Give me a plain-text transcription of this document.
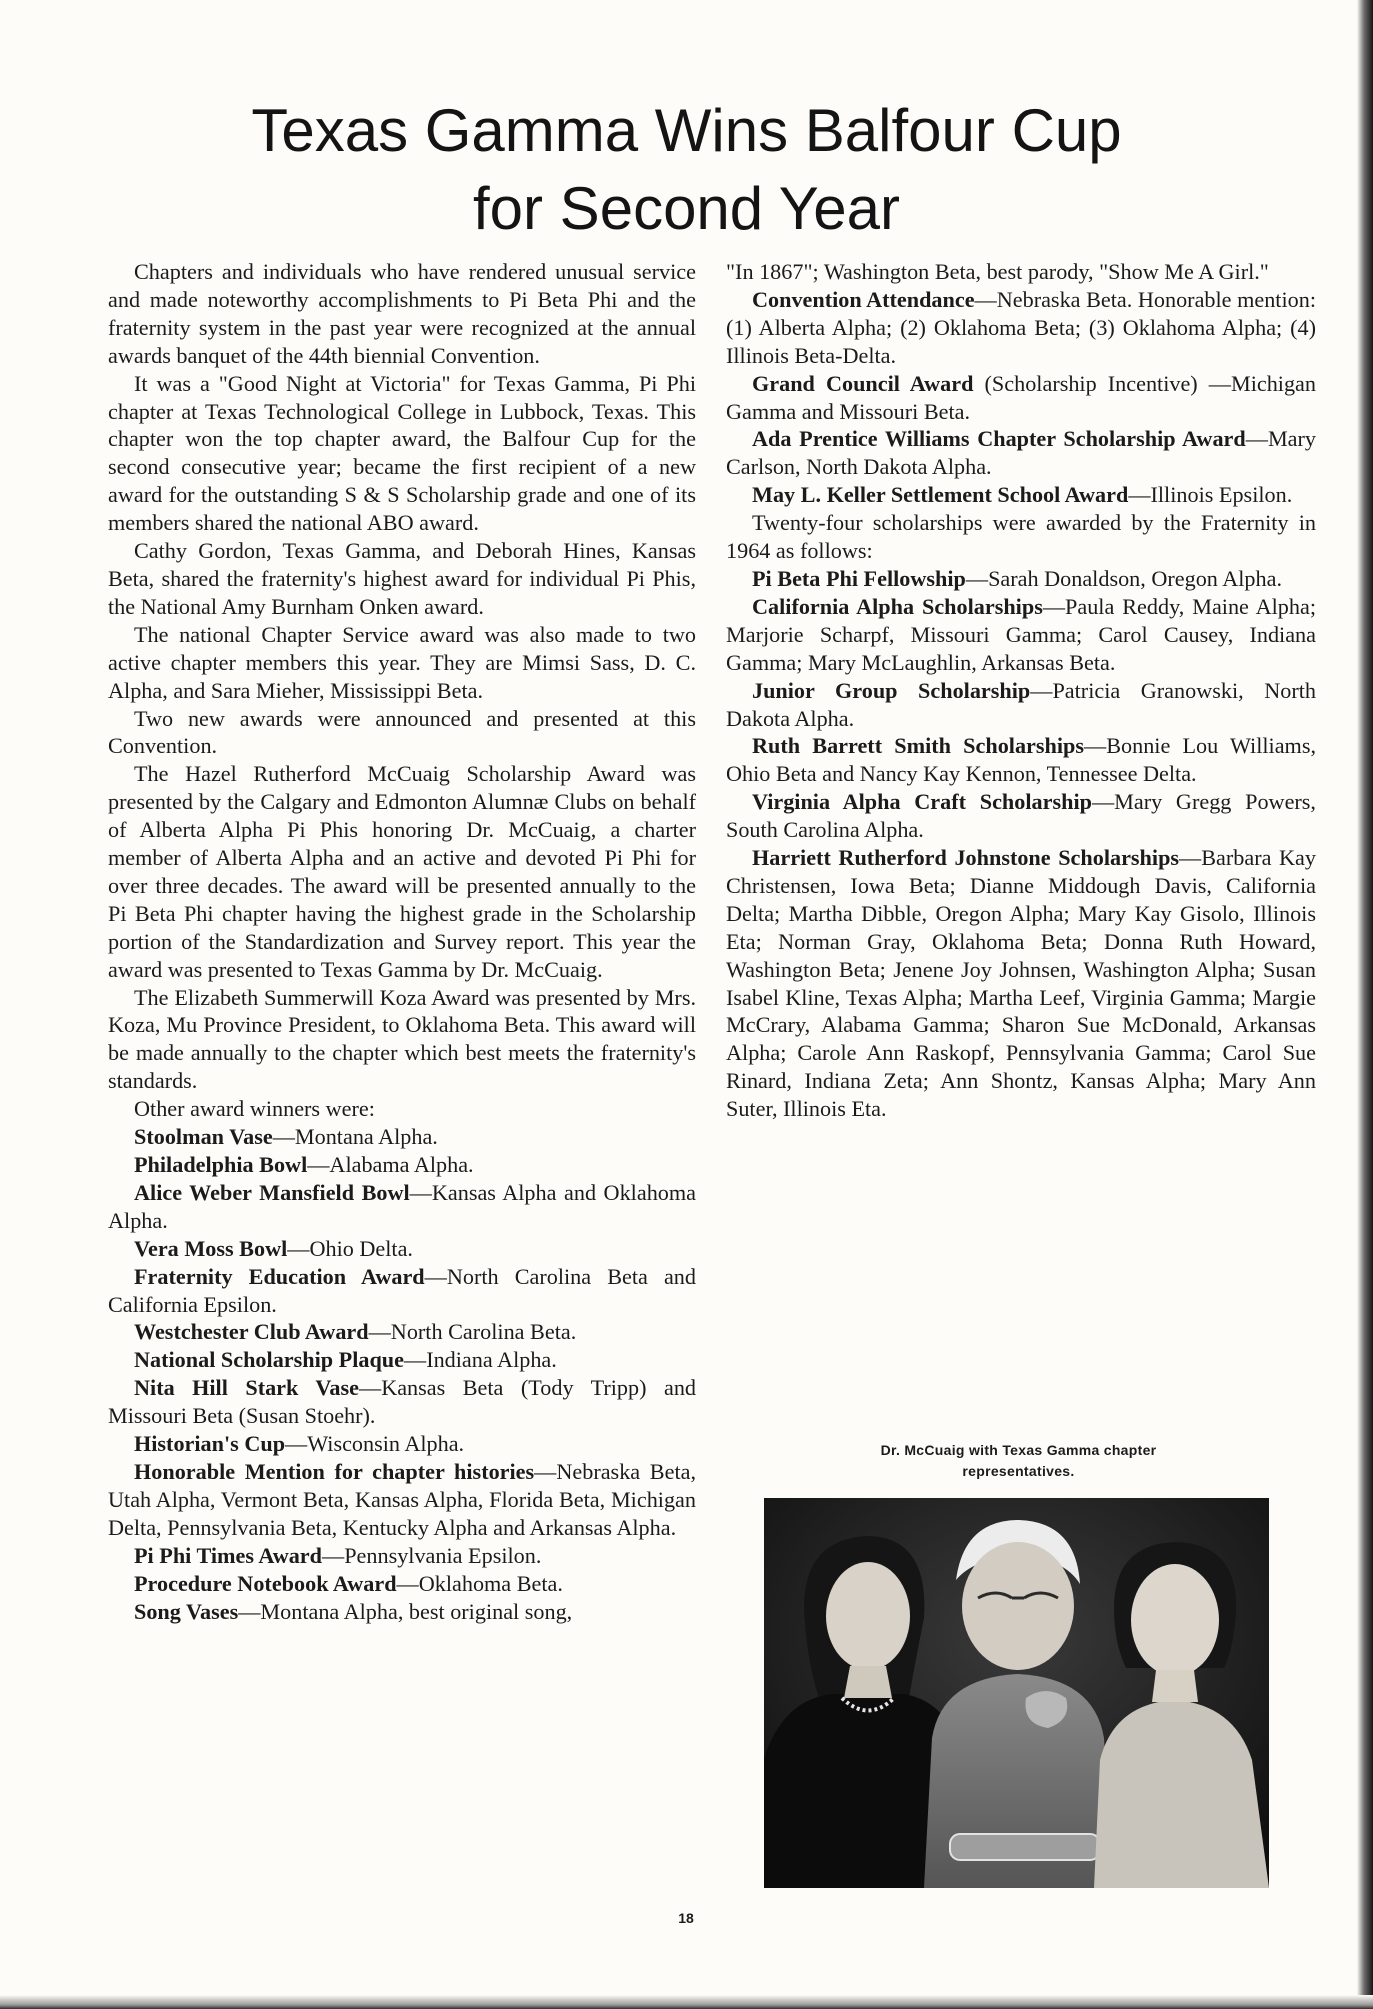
Texas Gamma Wins Balfour Cup
for Second Year

Chapters and individuals who have rendered unusual service and made noteworthy accomplishments to Pi Beta Phi and the fraternity system in the past year were recognized at the annual awards banquet of the 44th biennial Convention.

It was a "Good Night at Victoria" for Texas Gamma, Pi Phi chapter at Texas Technological College in Lubbock, Texas. This chapter won the top chapter award, the Balfour Cup for the second consecutive year; became the first recipient of a new award for the outstanding S & S Scholarship grade and one of its members shared the national ABO award.

Cathy Gordon, Texas Gamma, and Deborah Hines, Kansas Beta, shared the fraternity's highest award for individual Pi Phis, the National Amy Burnham Onken award.

The national Chapter Service award was also made to two active chapter members this year. They are Mimsi Sass, D. C. Alpha, and Sara Mieher, Mississippi Beta.

Two new awards were announced and presented at this Convention.

The Hazel Rutherford McCuaig Scholarship Award was presented by the Calgary and Edmonton Alumnæ Clubs on behalf of Alberta Alpha Pi Phis honoring Dr. McCuaig, a charter member of Alberta Alpha and an active and devoted Pi Phi for over three decades. The award will be presented annually to the Pi Beta Phi chapter having the highest grade in the Scholarship portion of the Standardization and Survey report. This year the award was presented to Texas Gamma by Dr. McCuaig.

The Elizabeth Summerwill Koza Award was presented by Mrs. Koza, Mu Province President, to Oklahoma Beta. This award will be made annually to the chapter which best meets the fraternity's standards.

Other award winners were:

Stoolman Vase—Montana Alpha.

Philadelphia Bowl—Alabama Alpha.

Alice Weber Mansfield Bowl—Kansas Alpha and Oklahoma Alpha.

Vera Moss Bowl—Ohio Delta.

Fraternity Education Award—North Carolina Beta and California Epsilon.

Westchester Club Award—North Carolina Beta.

National Scholarship Plaque—Indiana Alpha.

Nita Hill Stark Vase—Kansas Beta (Tody Tripp) and Missouri Beta (Susan Stoehr).

Historian's Cup—Wisconsin Alpha.

Honorable Mention for chapter histories—Nebraska Beta, Utah Alpha, Vermont Beta, Kansas Alpha, Florida Beta, Michigan Delta, Pennsylvania Beta, Kentucky Alpha and Arkansas Alpha.

Pi Phi Times Award—Pennsylvania Epsilon.

Procedure Notebook Award—Oklahoma Beta.

Song Vases—Montana Alpha, best original song,

"In 1867"; Washington Beta, best parody, "Show Me A Girl."

Convention Attendance—Nebraska Beta. Honorable mention: (1) Alberta Alpha; (2) Oklahoma Beta; (3) Oklahoma Alpha; (4) Illinois Beta-Delta.

Grand Council Award (Scholarship Incentive) —Michigan Gamma and Missouri Beta.

Ada Prentice Williams Chapter Scholarship Award—Mary Carlson, North Dakota Alpha.

May L. Keller Settlement School Award—Illinois Epsilon.

Twenty-four scholarships were awarded by the Fraternity in 1964 as follows:

Pi Beta Phi Fellowship—Sarah Donaldson, Oregon Alpha.

California Alpha Scholarships—Paula Reddy, Maine Alpha; Marjorie Scharpf, Missouri Gamma; Carol Causey, Indiana Gamma; Mary McLaughlin, Arkansas Beta.

Junior Group Scholarship—Patricia Granowski, North Dakota Alpha.

Ruth Barrett Smith Scholarships—Bonnie Lou Williams, Ohio Beta and Nancy Kay Kennon, Tennessee Delta.

Virginia Alpha Craft Scholarship—Mary Gregg Powers, South Carolina Alpha.

Harriett Rutherford Johnstone Scholarships—Barbara Kay Christensen, Iowa Beta; Dianne Middough Davis, California Delta; Martha Dibble, Oregon Alpha; Mary Kay Gisolo, Illinois Eta; Norman Gray, Oklahoma Beta; Donna Ruth Howard, Washington Beta; Jenene Joy Johnsen, Washington Alpha; Susan Isabel Kline, Texas Alpha; Martha Leef, Virginia Gamma; Margie McCrary, Alabama Gamma; Sharon Sue McDonald, Arkansas Alpha; Carole Ann Raskopf, Pennsylvania Gamma; Carol Sue Rinard, Indiana Zeta; Ann Shontz, Kansas Alpha; Mary Ann Suter, Illinois Eta.

Dr. McCuaig with Texas Gamma chapter
representatives.
18
